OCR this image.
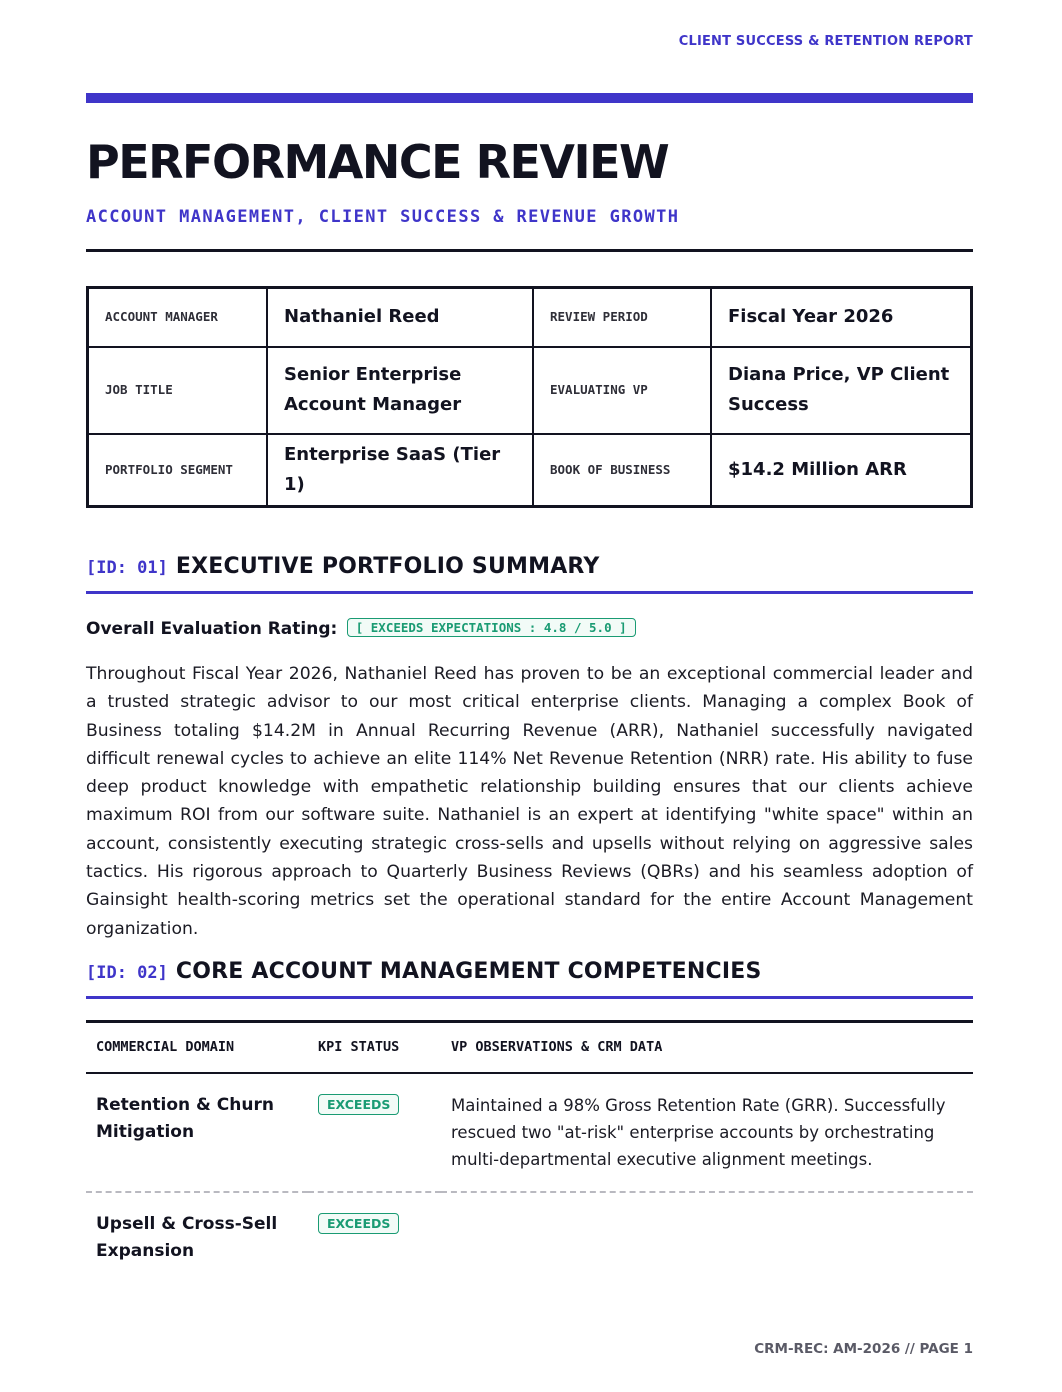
CLIENT SUCCESS & RETENTION REPORT
PERFORMANCE REVIEW
ACCOUNT MANAGEMENT, CLIENT SUCCESS & REVENUE GROWTH
ACCOUNT MANAGER	Nathaniel Reed	REVIEW PERIOD	Fiscal Year 2026
JOB TITLE	Senior Enterprise Account Manager	EVALUATING VP	Diana Price, VP Client Success
PORTFOLIO SEGMENT	Enterprise SaaS (Tier 1)	BOOK OF BUSINESS	$14.2 Million ARR
[ID: 01] EXECUTIVE PORTFOLIO SUMMARY
Overall Evaluation Rating: [ EXCEEDS EXPECTATIONS : 4.8 / 5.0 ]

Throughout Fiscal Year 2026, Nathaniel Reed has proven to be an exceptional commercial leader and a trusted strategic advisor to our most critical enterprise clients. Managing a complex Book of Business totaling $14.2M in Annual Recurring Revenue (ARR), Nathaniel successfully navigated difficult renewal cycles to achieve an elite 114% Net Revenue Retention (NRR) rate. His ability to fuse deep product knowledge with empathetic relationship building ensures that our clients achieve maximum ROI from our software suite. Nathaniel is an expert at identifying "white space" within an account, consistently executing strategic cross-sells and upsells without relying on aggressive sales tactics. His rigorous approach to Quarterly Business Reviews (QBRs) and his seamless adoption of Gainsight health-scoring metrics set the operational standard for the entire Account Management organization.

[ID: 02] CORE ACCOUNT MANAGEMENT COMPETENCIES
COMMERCIAL DOMAIN	KPI STATUS	VP OBSERVATIONS & CRM DATA
Retention & Churn Mitigation	EXCEEDS	Maintained a 98% Gross Retention Rate (GRR). Successfully rescued two "at-risk" enterprise accounts by orchestrating multi-departmental executive alignment meetings.
Upsell & Cross-Sell Expansion	EXCEEDS	
CRM-REC: AM-2026 // PAGE 1
